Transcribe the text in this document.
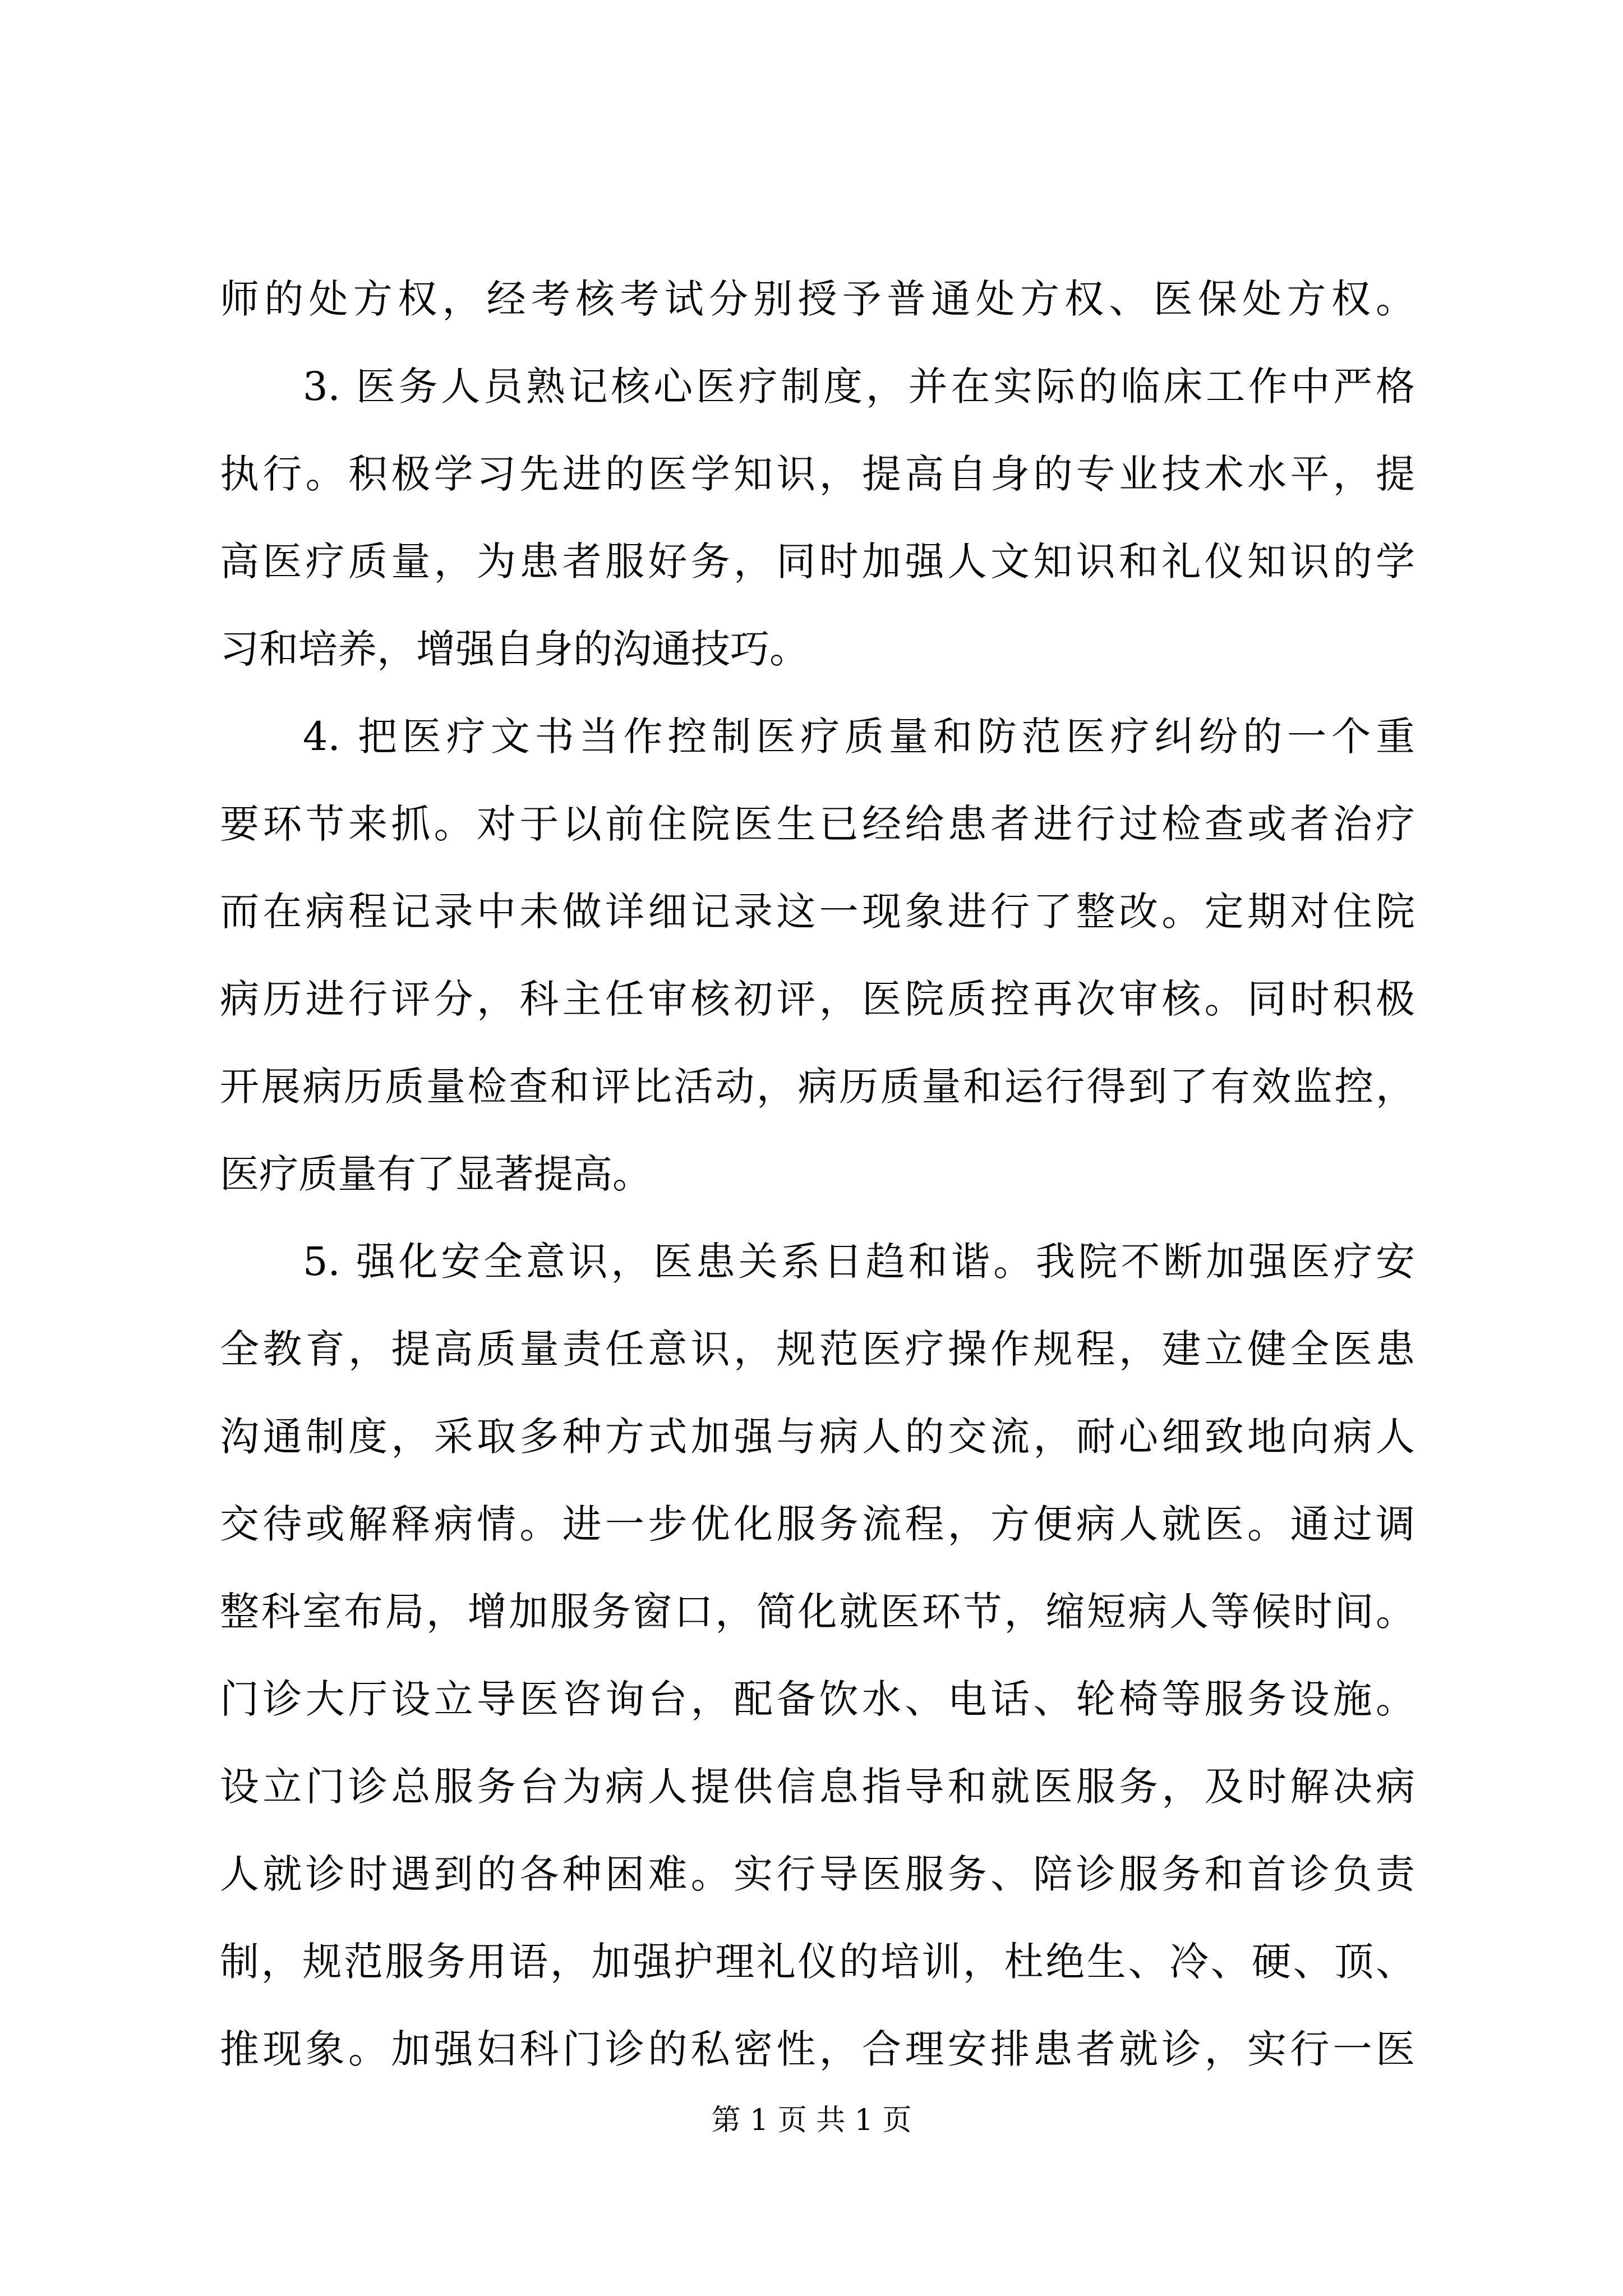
师的处方权，经考核考试分别授予普通处方权、医保处方权。
3. 医务人员熟记核心医疗制度，并在实际的临床工作中严格
执行。积极学习先进的医学知识，提高自身的专业技术水平，提
高医疗质量，为患者服好务，同时加强人文知识和礼仪知识的学
习和培养，增强自身的沟通技巧。
4. 把医疗文书当作控制医疗质量和防范医疗纠纷的一个重
要环节来抓。对于以前住院医生已经给患者进行过检查或者治疗
而在病程记录中未做详细记录这一现象进行了整改。定期对住院
病历进行评分，科主任审核初评，医院质控再次审核。同时积极
开展病历质量检查和评比活动，病历质量和运行得到了有效监控，
医疗质量有了显著提高。
5. 强化安全意识，医患关系日趋和谐。我院不断加强医疗安
全教育，提高质量责任意识，规范医疗操作规程，建立健全医患
沟通制度，采取多种方式加强与病人的交流，耐心细致地向病人
交待或解释病情。进一步优化服务流程，方便病人就医。通过调
整科室布局，增加服务窗口，简化就医环节，缩短病人等候时间。
门诊大厅设立导医咨询台，配备饮水、电话、轮椅等服务设施。
设立门诊总服务台为病人提供信息指导和就医服务，及时解决病
人就诊时遇到的各种困难。实行导医服务、陪诊服务和首诊负责
制，规范服务用语，加强护理礼仪的培训，杜绝生、冷、硬、顶、
推现象。加强妇科门诊的私密性，合理安排患者就诊，实行一医
第 1 页 共 1 页
